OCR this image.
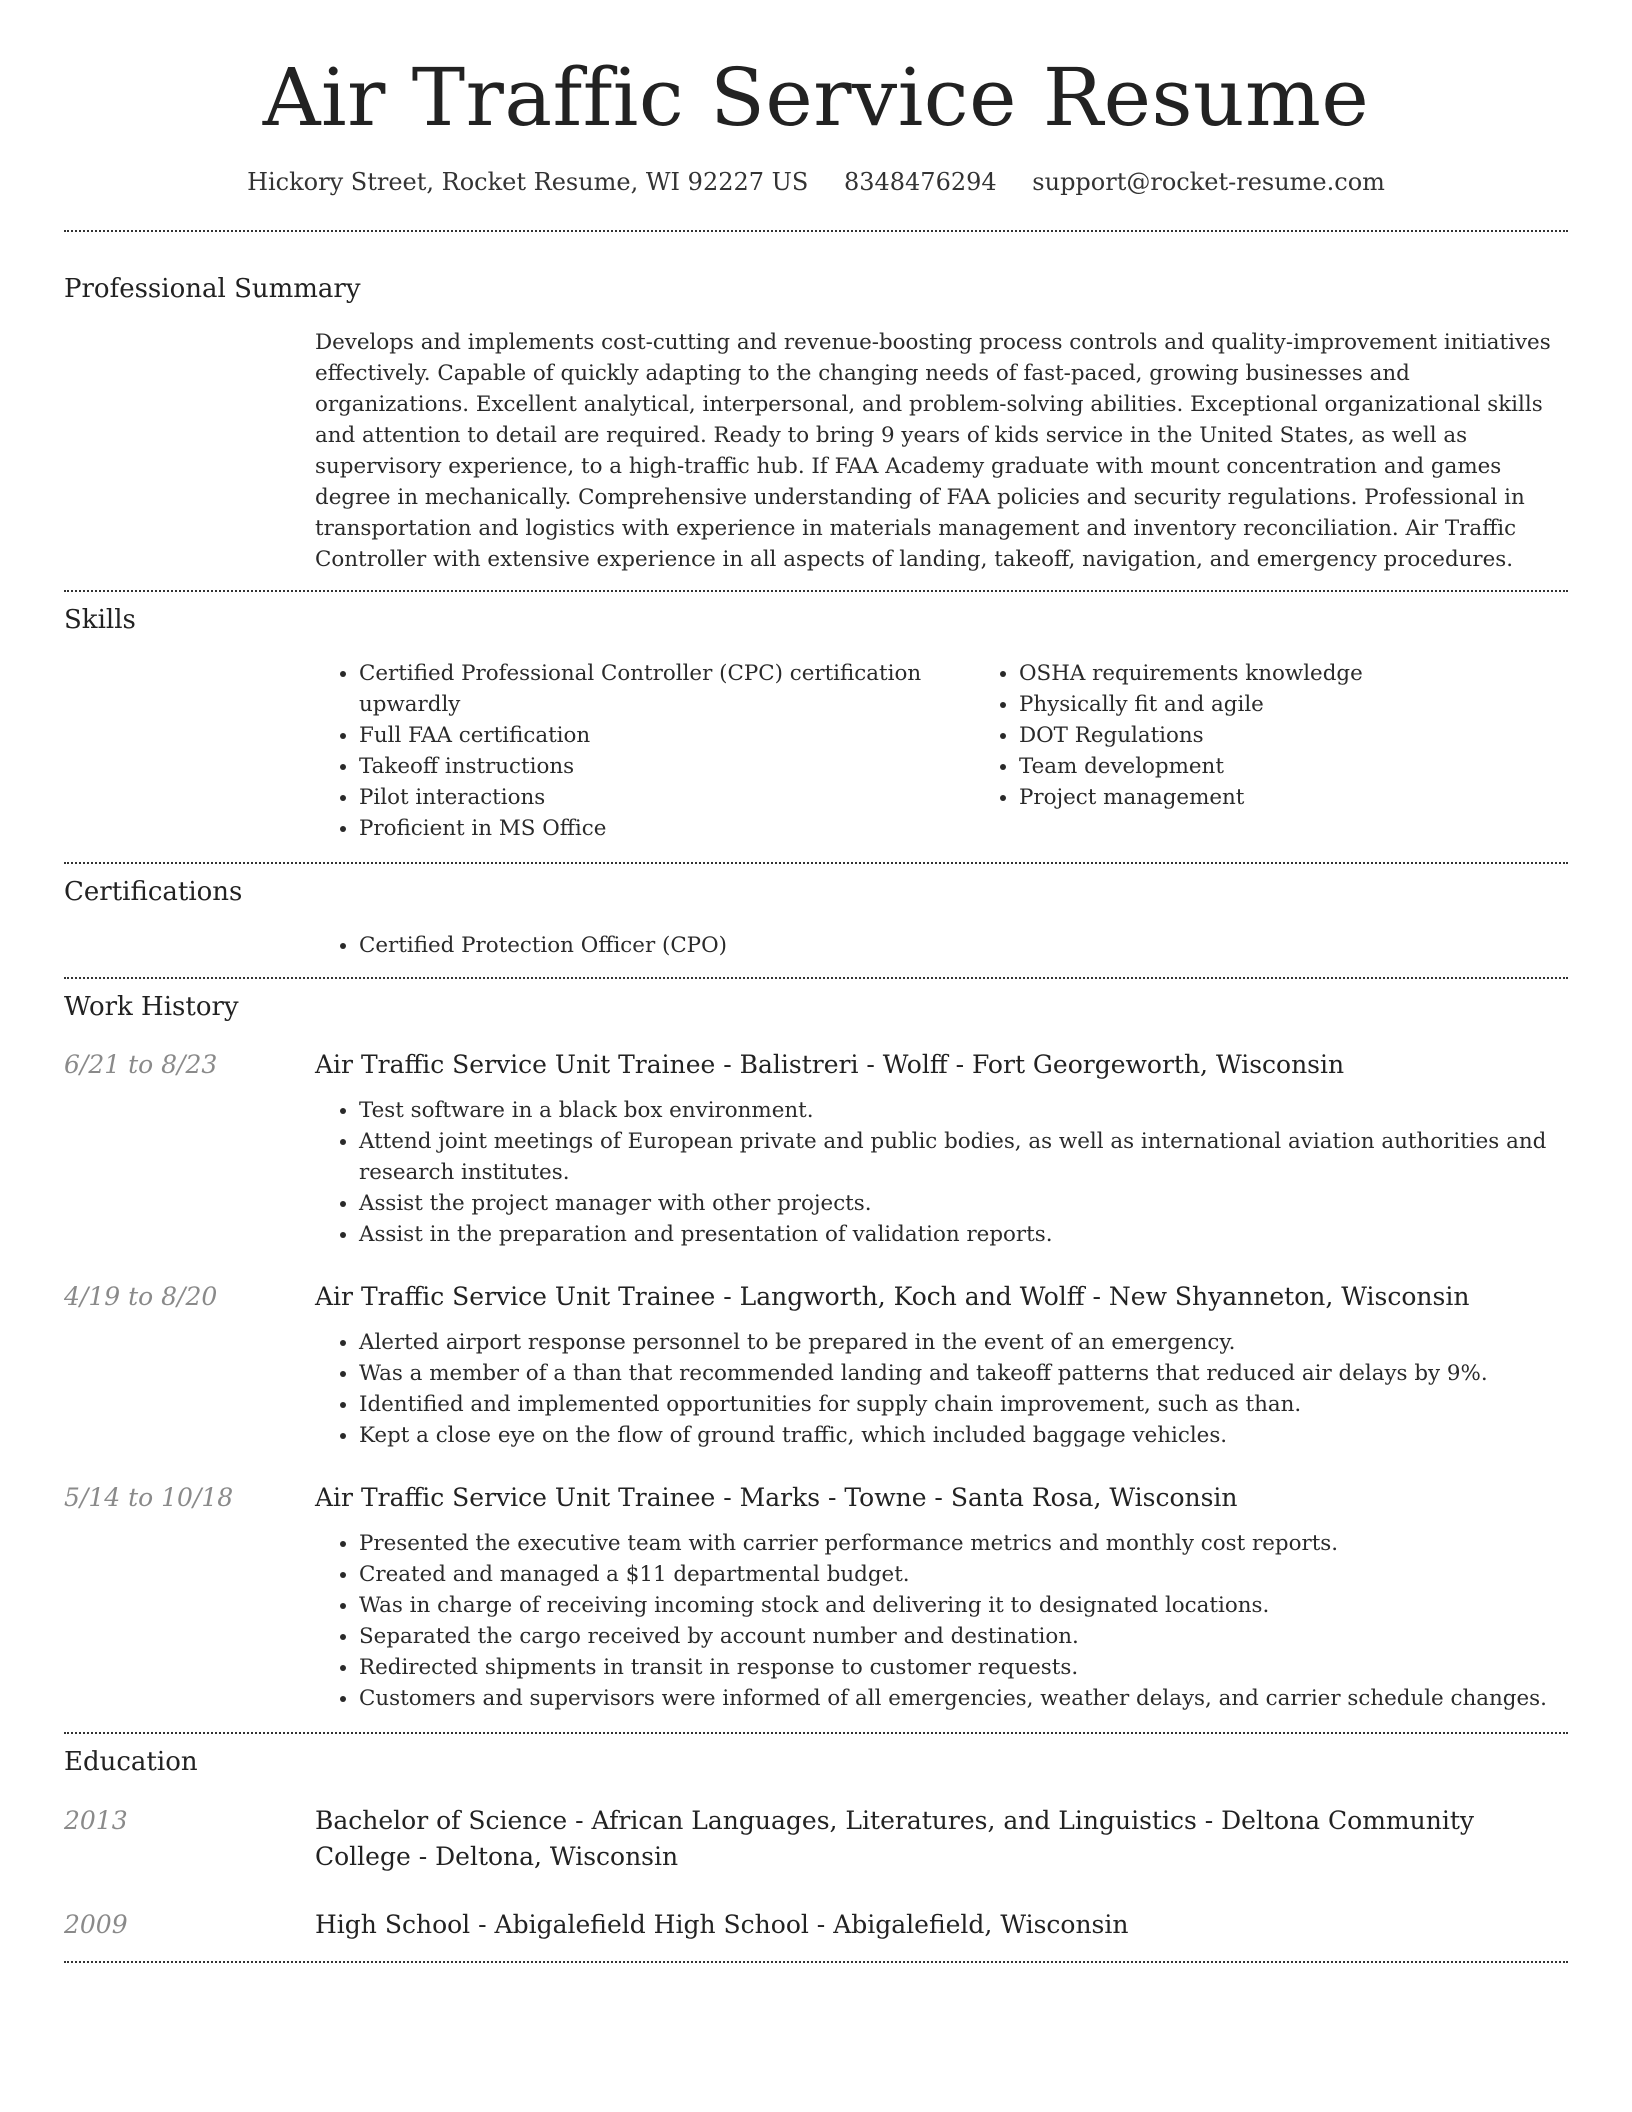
Air Traffic Service Resume
Hickory Street, Rocket Resume, WI 92227 US 8348476294 support@rocket-resume.com
Professional Summary

Develops and implements cost-cutting and revenue-boosting process controls and quality-improvement initiatives effectively. Capable of quickly adapting to the changing needs of fast-paced, growing businesses and organizations. Excellent analytical, interpersonal, and problem-solving abilities. Exceptional organizational skills and attention to detail are required. Ready to bring 9 years of kids service in the United States, as well as supervisory experience, to a high-traffic hub. If FAA Academy graduate with mount concentration and games degree in mechanically. Comprehensive understanding of FAA policies and security regulations. Professional in transportation and logistics with experience in materials management and inventory reconciliation. Air Traffic Controller with extensive experience in all aspects of landing, takeoff, navigation, and emergency procedures.

Skills
• Certified Professional Controller (CPC) certification upwardly
• Full FAA certification
• Takeoff instructions
• Pilot interactions
• Proficient in MS Office
• OSHA requirements knowledge
• Physically fit and agile
• DOT Regulations
• Team development
• Project management
Certifications
• Certified Protection Officer (CPO)
Work History
6/21 to 8/23	Air Traffic Service Unit Trainee - Balistreri - Wolff - Fort Georgeworth, Wisconsin
• Test software in a black box environment.
• Attend joint meetings of European private and public bodies, as well as international aviation authorities and research institutes.
• Assist the project manager with other projects.
• Assist in the preparation and presentation of validation reports.
4/19 to 8/20	Air Traffic Service Unit Trainee - Langworth, Koch and Wolff - New Shyanneton, Wisconsin
• Alerted airport response personnel to be prepared in the event of an emergency.
• Was a member of a than that recommended landing and takeoff patterns that reduced air delays by 9%.
• Identified and implemented opportunities for supply chain improvement, such as than.
• Kept a close eye on the flow of ground traffic, which included baggage vehicles.
5/14 to 10/18	Air Traffic Service Unit Trainee - Marks - Towne - Santa Rosa, Wisconsin
• Presented the executive team with carrier performance metrics and monthly cost reports.
• Created and managed a $11 departmental budget.
• Was in charge of receiving incoming stock and delivering it to designated locations.
• Separated the cargo received by account number and destination.
• Redirected shipments in transit in response to customer requests.
• Customers and supervisors were informed of all emergencies, weather delays, and carrier schedule changes.
Education
2013	Bachelor of Science - African Languages, Literatures, and Linguistics - Deltona Community College - Deltona, Wisconsin
2009	High School - Abigalefield High School - Abigalefield, Wisconsin
